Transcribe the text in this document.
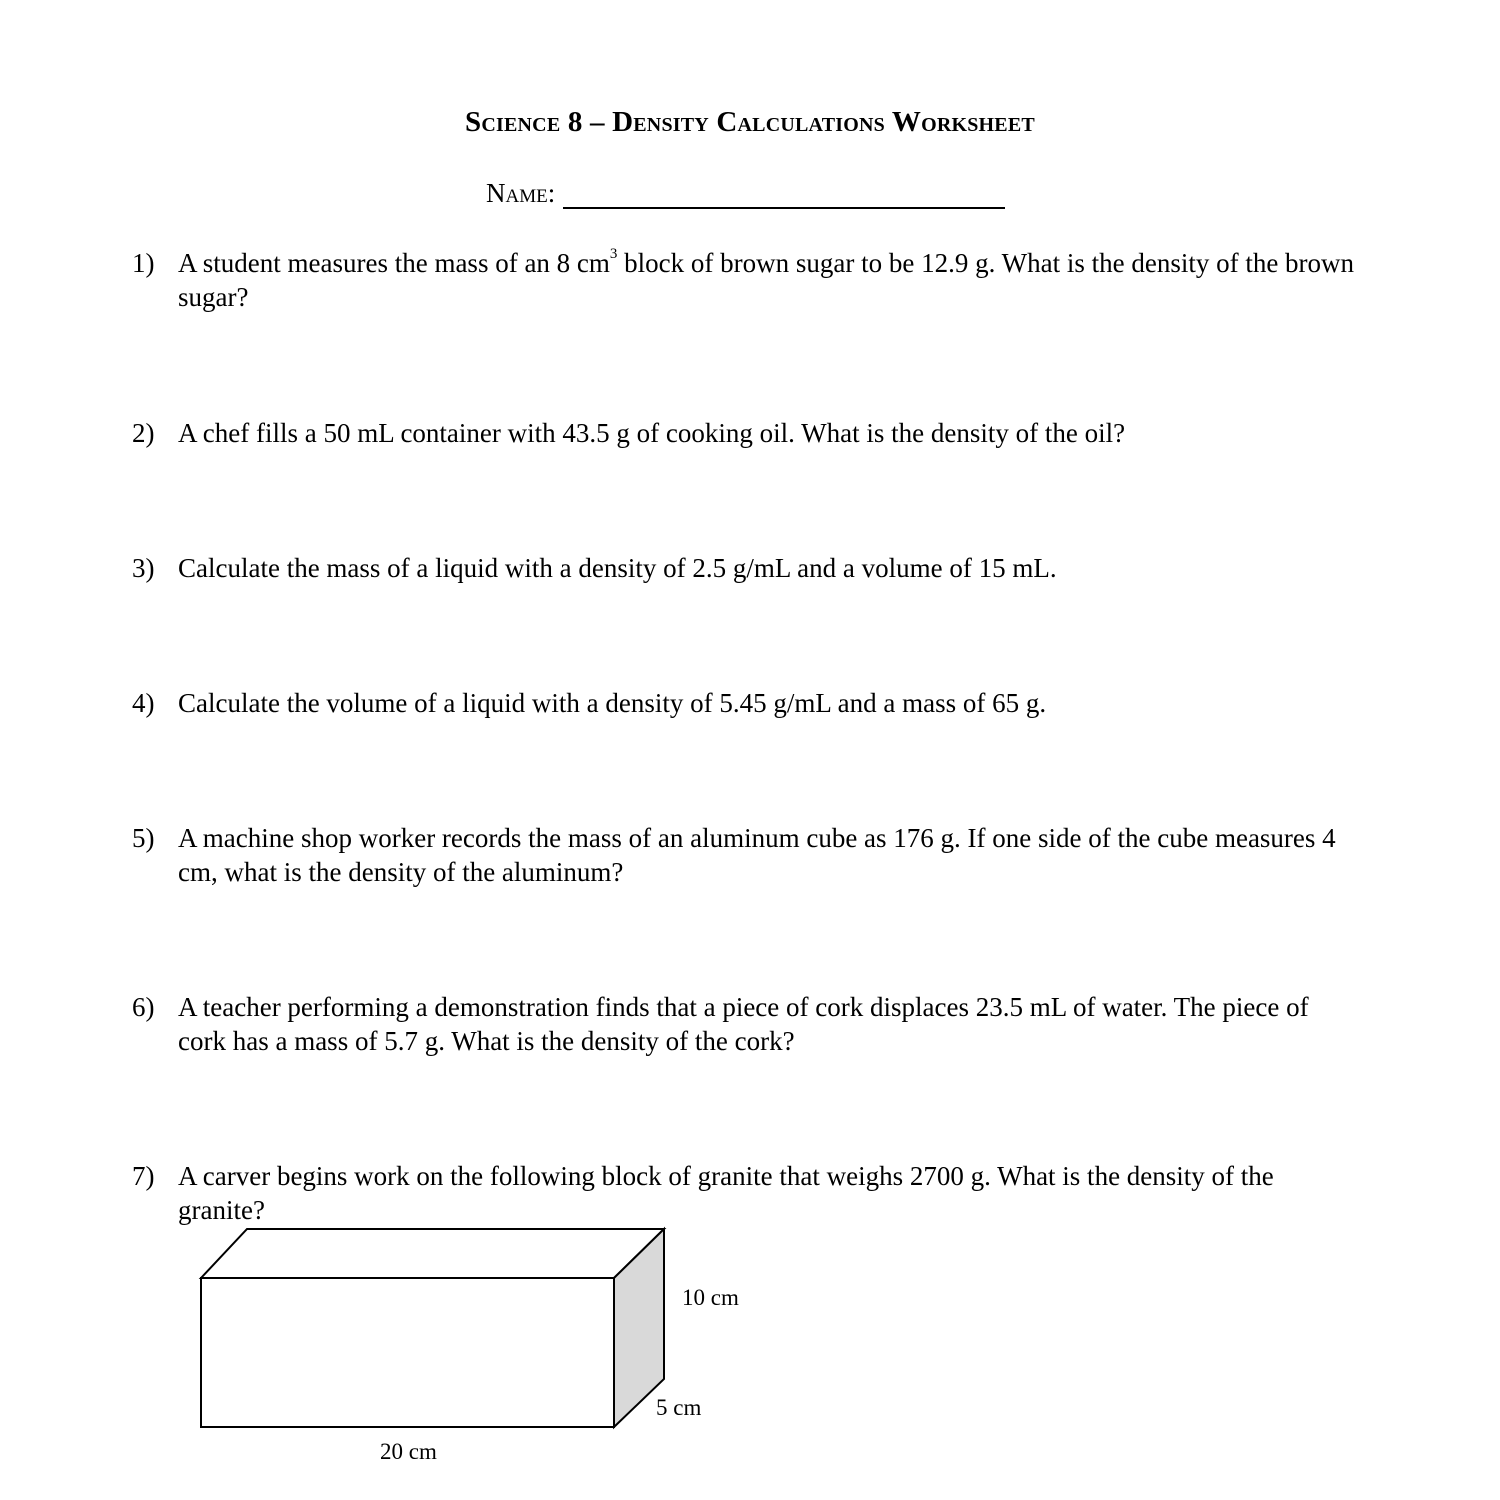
Science 8 – Density Calculations Worksheet
Name:
1) A student measures the mass of an 8 $cm^3$ block of brown sugar to be 12.9 g. What is the density of the brown sugar?
2) A chef fills a 50 mL container with 43.5 g of cooking oil. What is the density of the oil?
3) Calculate the mass of a liquid with a density of 2.5 g/mL and a volume of 15 mL.
4) Calculate the volume of a liquid with a density of 5.45 g/mL and a mass of 65 g.
5) A machine shop worker records the mass of an aluminum cube as 176 g. If one side of the cube measures 4 cm, what is the density of the aluminum?
6) A teacher performing a demonstration finds that a piece of cork displaces 23.5 mL of water. The piece of cork has a mass of 5.7 g. What is the density of the cork?
7) A carver begins work on the following block of granite that weighs 2700 g. What is the density of the granite?
10 cm
5 cm
20 cm
